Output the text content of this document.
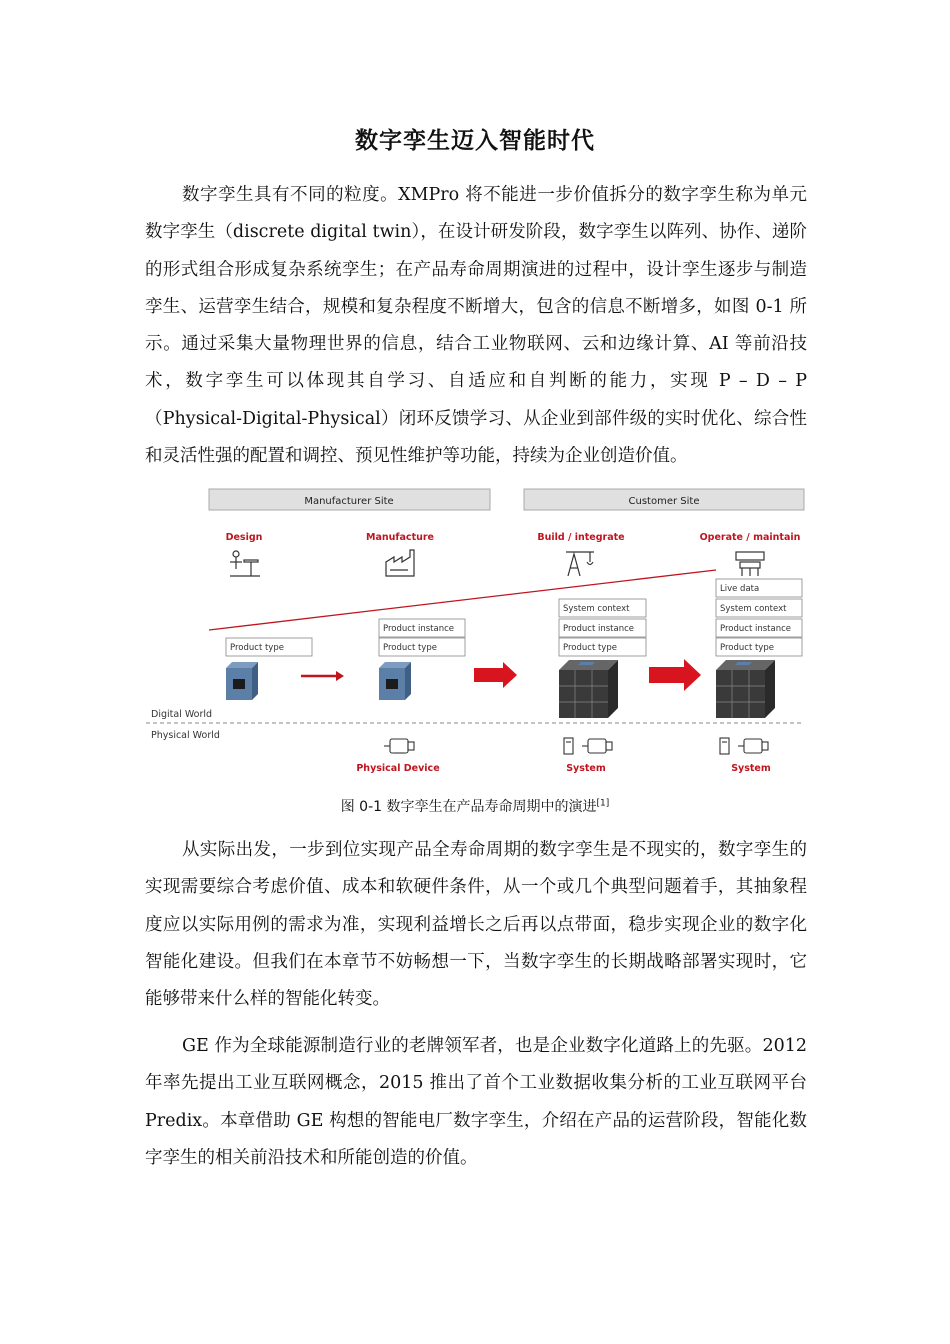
数字孪生迈入智能时代

数字孪生具有不同的粒度。XMPro 将不能进一步价值拆分的数字孪生称为单元数字孪生（discrete digital twin），在设计研发阶段，数字孪生以阵列、协作、递阶的形式组合形成复杂系统孪生；在产品寿命周期演进的过程中，设计孪生逐步与制造孪生、运营孪生结合，规模和复杂程度不断增大，包含的信息不断增多，如图 0-1 所示。通过采集大量物理世界的信息，结合工业物联网、云和边缘计算、AI 等前沿技术，数字孪生可以体现其自学习、自适应和自判断的能力，实现 P – D – P（Physical-Digital-Physical）闭环反馈学习、从企业到部件级的实时优化、综合性和灵活性强的配置和调控、预见性维护等功能，持续为企业创造价值。

Manufacturer Site	Customer Site
Design	Manufacture	Build / integrate	Operate / maintain
Product type
Product instance
Product type
System context
Product instance
Product type
Live data
System context
Product instance
Product type
Digital World
Physical World
Physical Device	System	System
图 0-1 数字孪生在产品寿命周期中的演进[1]

从实际出发，一步到位实现产品全寿命周期的数字孪生是不现实的，数字孪生的实现需要综合考虑价值、成本和软硬件条件，从一个或几个典型问题着手，其抽象程度应以实际用例的需求为准，实现利益增长之后再以点带面，稳步实现企业的数字化智能化建设。但我们在本章节不妨畅想一下，当数字孪生的长期战略部署实现时，它能够带来什么样的智能化转变。

GE 作为全球能源制造行业的老牌领军者，也是企业数字化道路上的先驱。2012 年率先提出工业互联网概念，2015 推出了首个工业数据收集分析的工业互联网平台 Predix。本章借助 GE 构想的智能电厂数字孪生，介绍在产品的运营阶段，智能化数字孪生的相关前沿技术和所能创造的价值。
